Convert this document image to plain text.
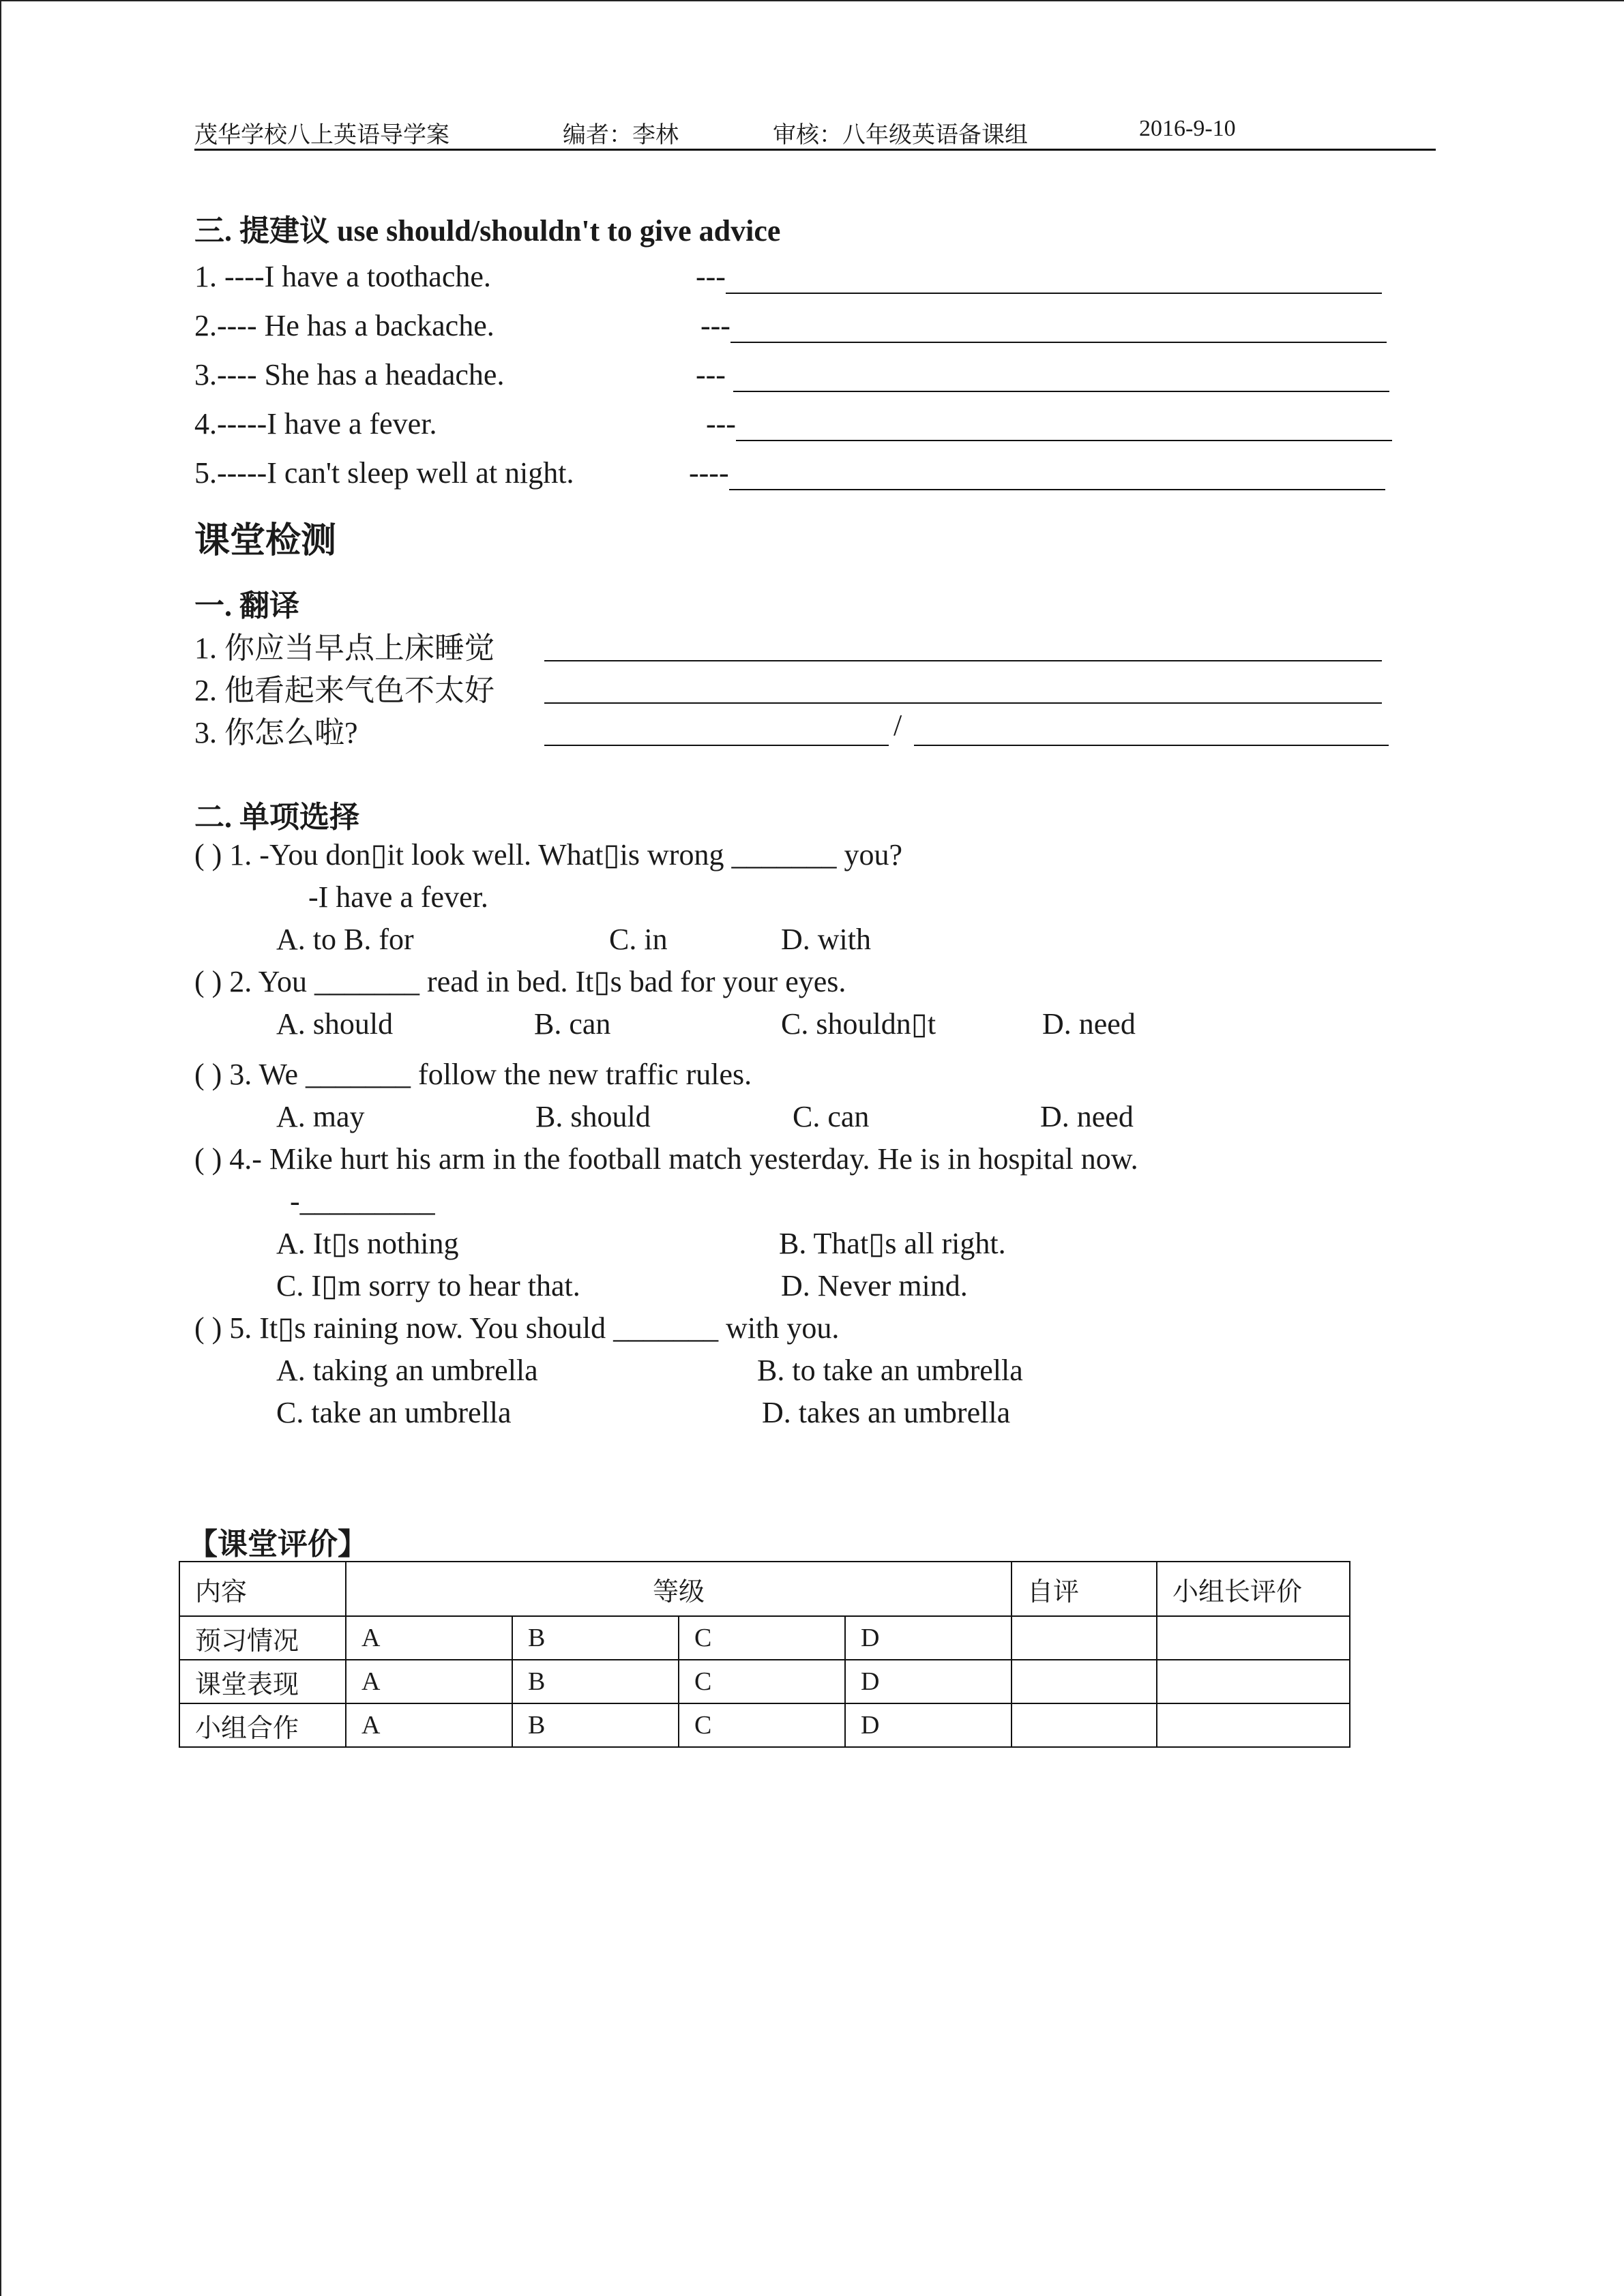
茂华学校八上英语导学案	编者：李林	审核：八年级英语备课组	2016-9-10
三. 提建议 use should/shouldn't to give advice
1. ----I have a toothache.	---
2.---- He has a backache.	---
3.---- She has a headache.	---
4.-----I have a fever.	---
5.-----I can't sleep well at night.	----
课堂检测
一. 翻译
1. 你应当早点上床睡觉
2. 他看起来气色不太好
3. 你怎么啦?	/
二. 单项选择
( ) 1. -You don▯it look well. What▯is wrong _______ you?
-I have a fever.
A. to B. for	C. in	D. with
( ) 2. You _______ read in bed. It▯s bad for your eyes.
A. should	B. can	C. shouldn▯t	D. need
( ) 3. We _______ follow the new traffic rules.
A. may	B. should	C. can	D. need
( ) 4.- Mike hurt his arm in the football match yesterday. He is in hospital now.
-_________
A. It▯s nothing	B. That▯s all right.
C. I▯m sorry to hear that.	D. Never mind.
( ) 5. It▯s raining now. You should _______ with you.
A. taking an umbrella	B. to take an umbrella
C. take an umbrella	D. takes an umbrella
【课堂评价】
内容	等级				自评	小组长评价
预习情况	A	B	C	D		
课堂表现	A	B	C	D		
小组合作	A	B	C	D		
